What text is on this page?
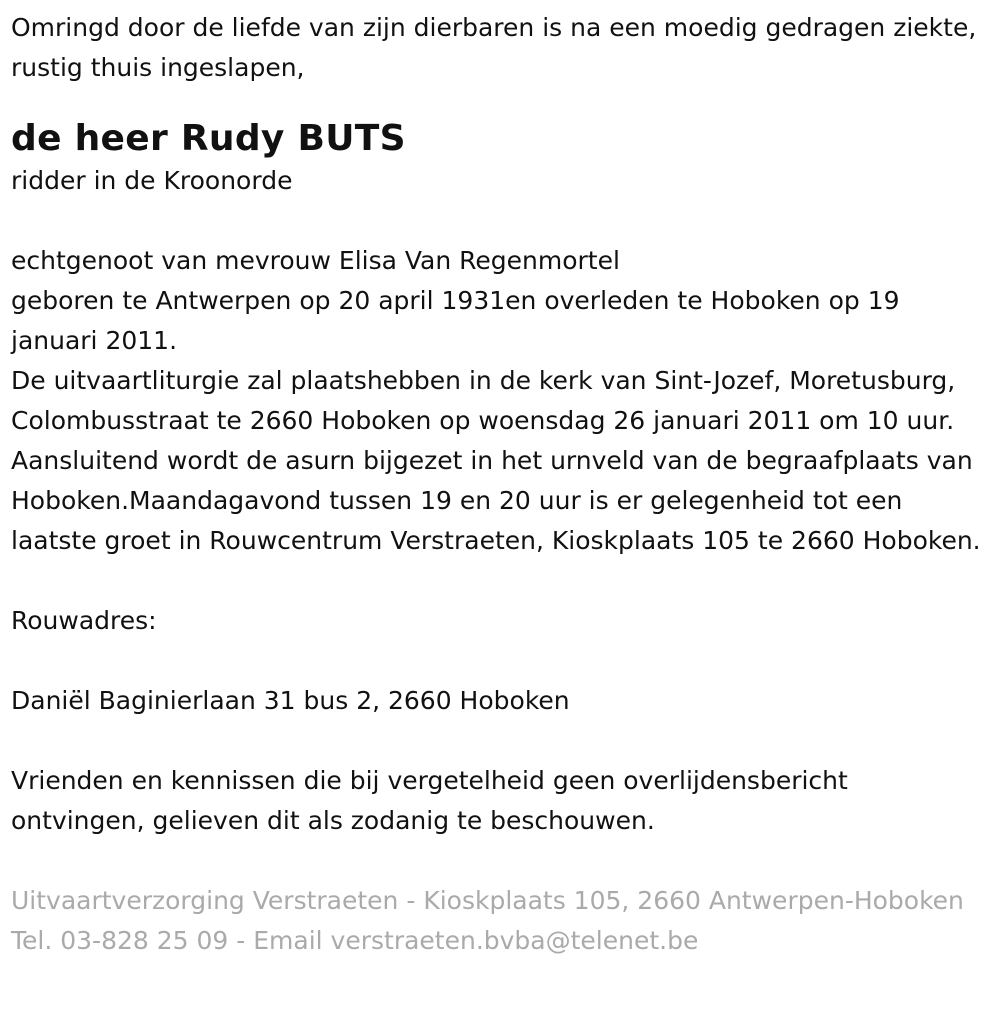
Omringd door de liefde van zijn dierbaren is na een moedig gedragen ziekte, rustig thuis ingeslapen,

de heer Rudy BUTS

ridder in de Kroonorde

echtgenoot van mevrouw Elisa Van Regenmortel

geboren te Antwerpen op 20 april 1931en overleden te Hoboken op 19 januari 2011.

De uitvaartliturgie zal plaatshebben in de kerk van Sint-Jozef, Moretusburg, Colombusstraat te 2660 Hoboken op woensdag 26 januari 2011 om 10 uur. Aansluitend wordt de asurn bijgezet in het urnveld van de begraafplaats van Hoboken.Maandagavond tussen 19 en 20 uur is er gelegenheid tot een laatste groet in Rouwcentrum Verstraeten, Kioskplaats 105 te 2660 Hoboken.

Rouwadres:

Daniël Baginierlaan 31 bus 2, 2660 Hoboken

Vrienden en kennissen die bij vergetelheid geen overlijdensbericht ontvingen, gelieven dit als zodanig te beschouwen.

Uitvaartverzorging Verstraeten - Kioskplaats 105, 2660 Antwerpen-Hoboken Tel. 03-828 25 09 - Email verstraeten.bvba@telenet.be
